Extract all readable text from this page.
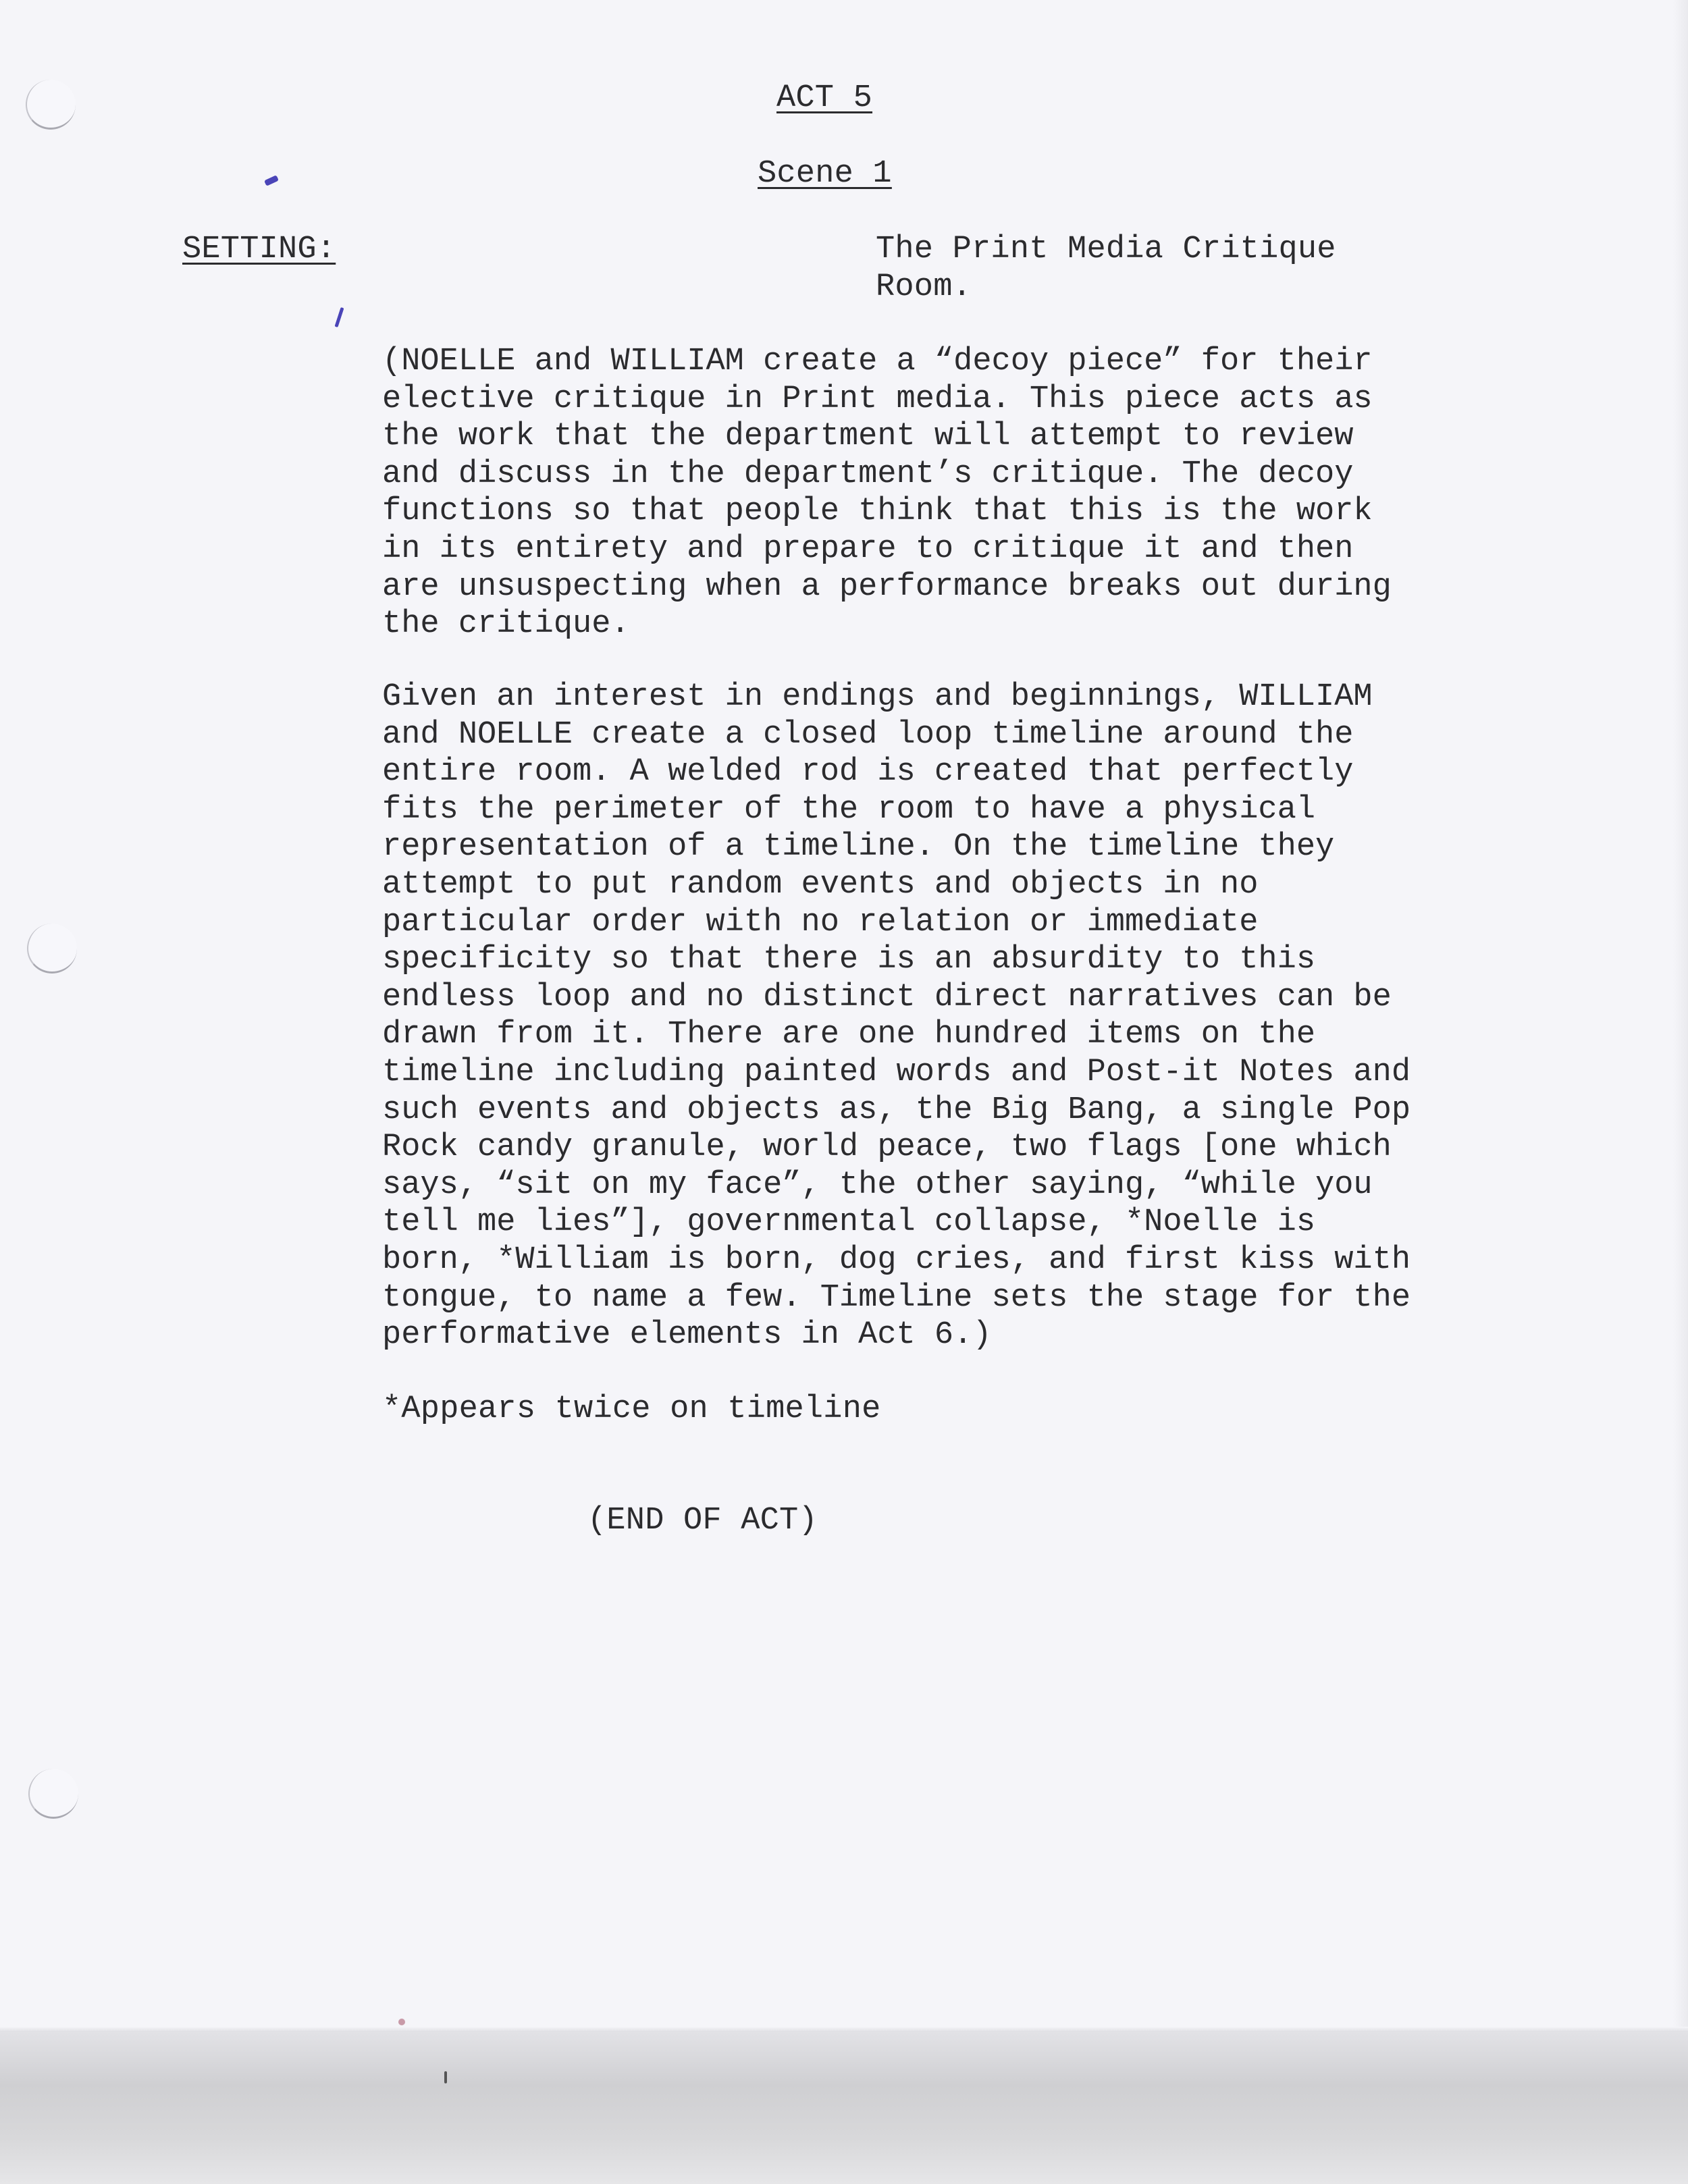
ACT 5
Scene 1
SETTING:	The Print Media Critique
Room.
(NOELLE and WILLIAM create a “decoy piece” for their
elective critique in Print media. This piece acts as
the work that the department will attempt to review
and discuss in the department’s critique. The decoy
functions so that people think that this is the work
in its entirety and prepare to critique it and then
are unsuspecting when a performance breaks out during
the critique.
Given an interest in endings and beginnings, WILLIAM
and NOELLE create a closed loop timeline around the
entire room. A welded rod is created that perfectly
fits the perimeter of the room to have a physical
representation of a timeline. On the timeline they
attempt to put random events and objects in no
particular order with no relation or immediate
specificity so that there is an absurdity to this
endless loop and no distinct direct narratives can be
drawn from it. There are one hundred items on the
timeline including painted words and Post-it Notes and
such events and objects as, the Big Bang, a single Pop
Rock candy granule, world peace, two flags [one which
says, “sit on my face”, the other saying, “while you
tell me lies”], governmental collapse, *Noelle is
born, *William is born, dog cries, and first kiss with
tongue, to name a few. Timeline sets the stage for the
performative elements in Act 6.)
*Appears twice on timeline
(END OF ACT)
